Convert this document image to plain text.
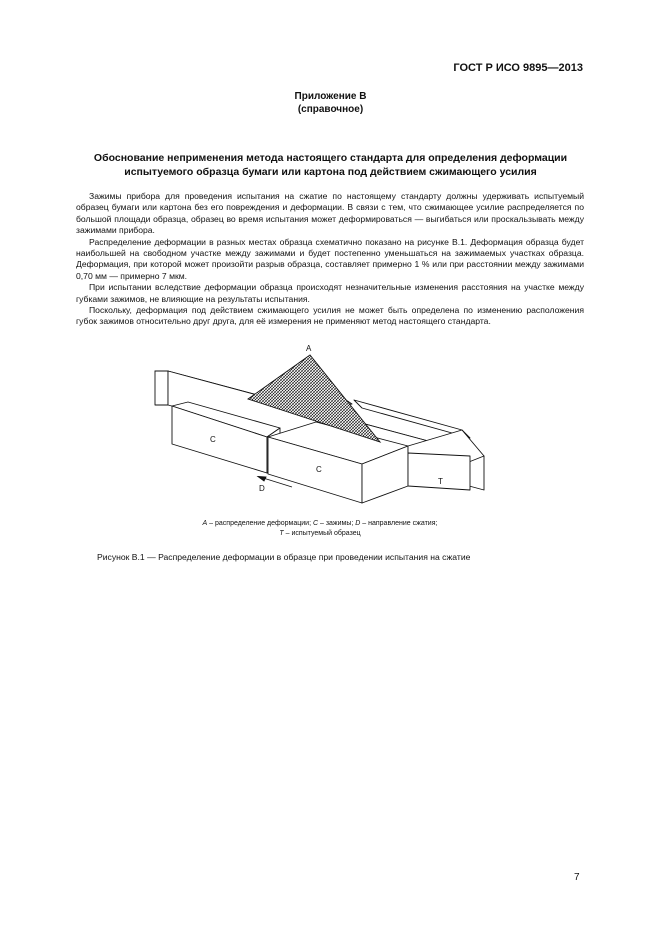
ГОСТ Р ИСО 9895—2013
Приложение В
(справочное)
Обоснование неприменения метода настоящего стандарта для определения деформации
испытуемого образца бумаги или картона под действием сжимающего усилия

Зажимы прибора для проведения испытания на сжатие по настоящему стандарту должны удерживать испытуемый образец бумаги или картона без его повреждения и деформации. В связи с тем, что сжимающее усилие распределяется по большой площади образца, образец во время испытания может деформироваться — выгибаться или проскальзывать между зажимами прибора.

Распределение деформации в разных местах образца схематично показано на рисунке В.1. Деформация образца будет наибольшей на свободном участке между зажимами и будет постепенно уменьшаться на зажимаемых участках образца. Деформация, при которой может произойти разрыв образца, составляет примерно 1 % или при расстоянии между зажимами 0,70 мм — примерно 7 мкм.

При испытании вследствие деформации образца происходят незначительные изменения расстояния на участке между губками зажимов, не влияющие на результаты испытания.

Поскольку, деформация под действием сжимающего усилия не может быть определена по изменению расположения губок зажимов относительно друг друга, для её измерения не применяют метод настоящего стандарта.

A
C
C
T
D
A – распределение деформации; C – зажимы; D – направление сжатия;
T – испытуемый образец
Рисунок В.1 — Распределение деформации в образце при проведении испытания на сжатие
7
